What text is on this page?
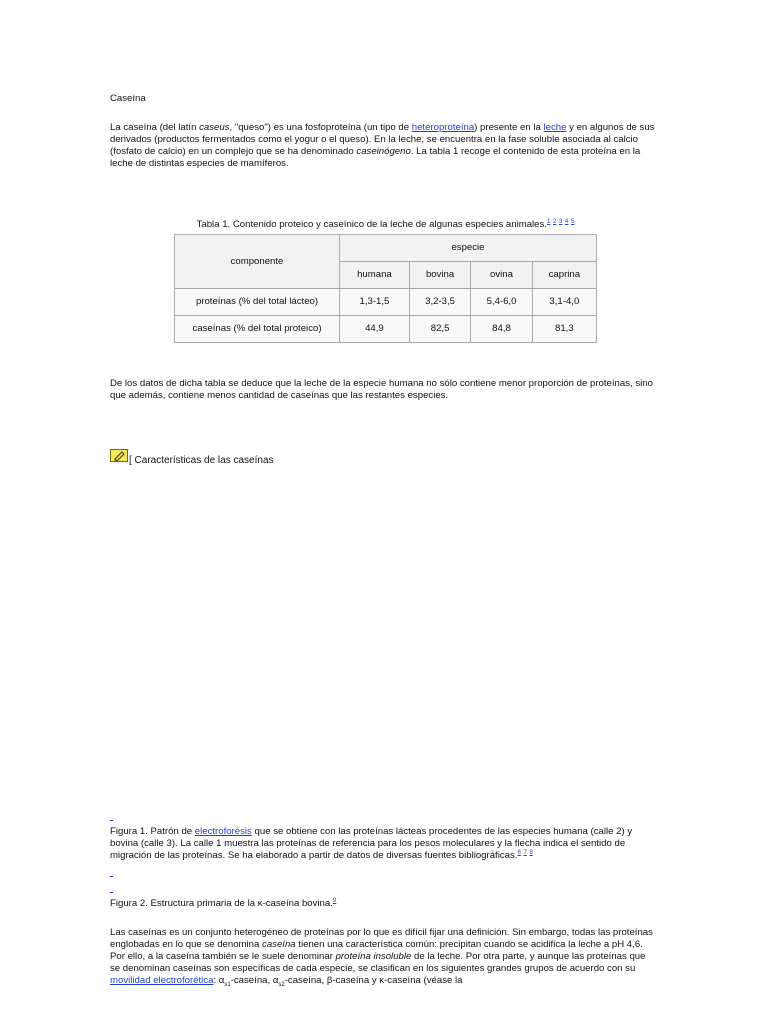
Caseína
La caseína (del latín caseus, "queso") es una fosfoproteína (un tipo de heteroproteína) presente en la leche y en algunos de sus derivados (productos fermentados como el yogur o el queso). En la leche, se encuentra en la fase soluble asociada al calcio (fosfato de calcio) en un complejo que se ha denominado caseinógeno. La tabla 1 recoge el contenido de esta proteína en la leche de distintas especies de mamíferos.
Tabla 1. Contenido proteico y caseínico de la leche de algunas especies animales.$^1$ $^2$ $^3$ $^4$ $^5$
componente	especie			
	humana	bovina	ovina	caprina
proteínas (% del total lácteo)	1,3-1,5	3,2-3,5	5,4-6,0	3,1-4,0
caseínas (% del total proteico)	44,9	82,5	84,8	81,3
De los datos de dicha tabla se deduce que la leche de la especie humana no sólo contiene menor proporción de proteínas, sino que además, contiene menos cantidad de caseínas que las restantes especies.
[ Características de las caseínas
Figura 1. Patrón de electroforésis que se obtiene con las proteínas lácteas procedentes de las especies humana (calle 2) y bovina (calle 3). La calle 1 muestra las proteínas de referencia para los pesos moleculares y la flecha indica el sentido de migración de las proteínas. Se ha elaborado a partir de datos de diversas fuentes bibliográficas.$^6$ $^7$ $^8$
Figura 2. Estructura primaria de la κ-caseína bovina.$^9$
Las caseínas es un conjunto heterogéneo de proteínas por lo que es difícil fijar una definición. Sin embargo, todas las proteínas englobadas en lo que se denomina caseína tienen una característica común: precipitan cuando se acidifica la leche a pH 4,6. Por ello, a la caseína también se le suele denominar proteína insoluble de la leche. Por otra parte, y aunque las proteínas que se denominan caseínas son específicas de cada especie, se clasifican en los siguientes grandes grupos de acuerdo con su movilidad electroforética: $\alpha_{s1}$-caseína, $\alpha_{s2}$-caseína, β-caseína y κ-caseína (véase la
